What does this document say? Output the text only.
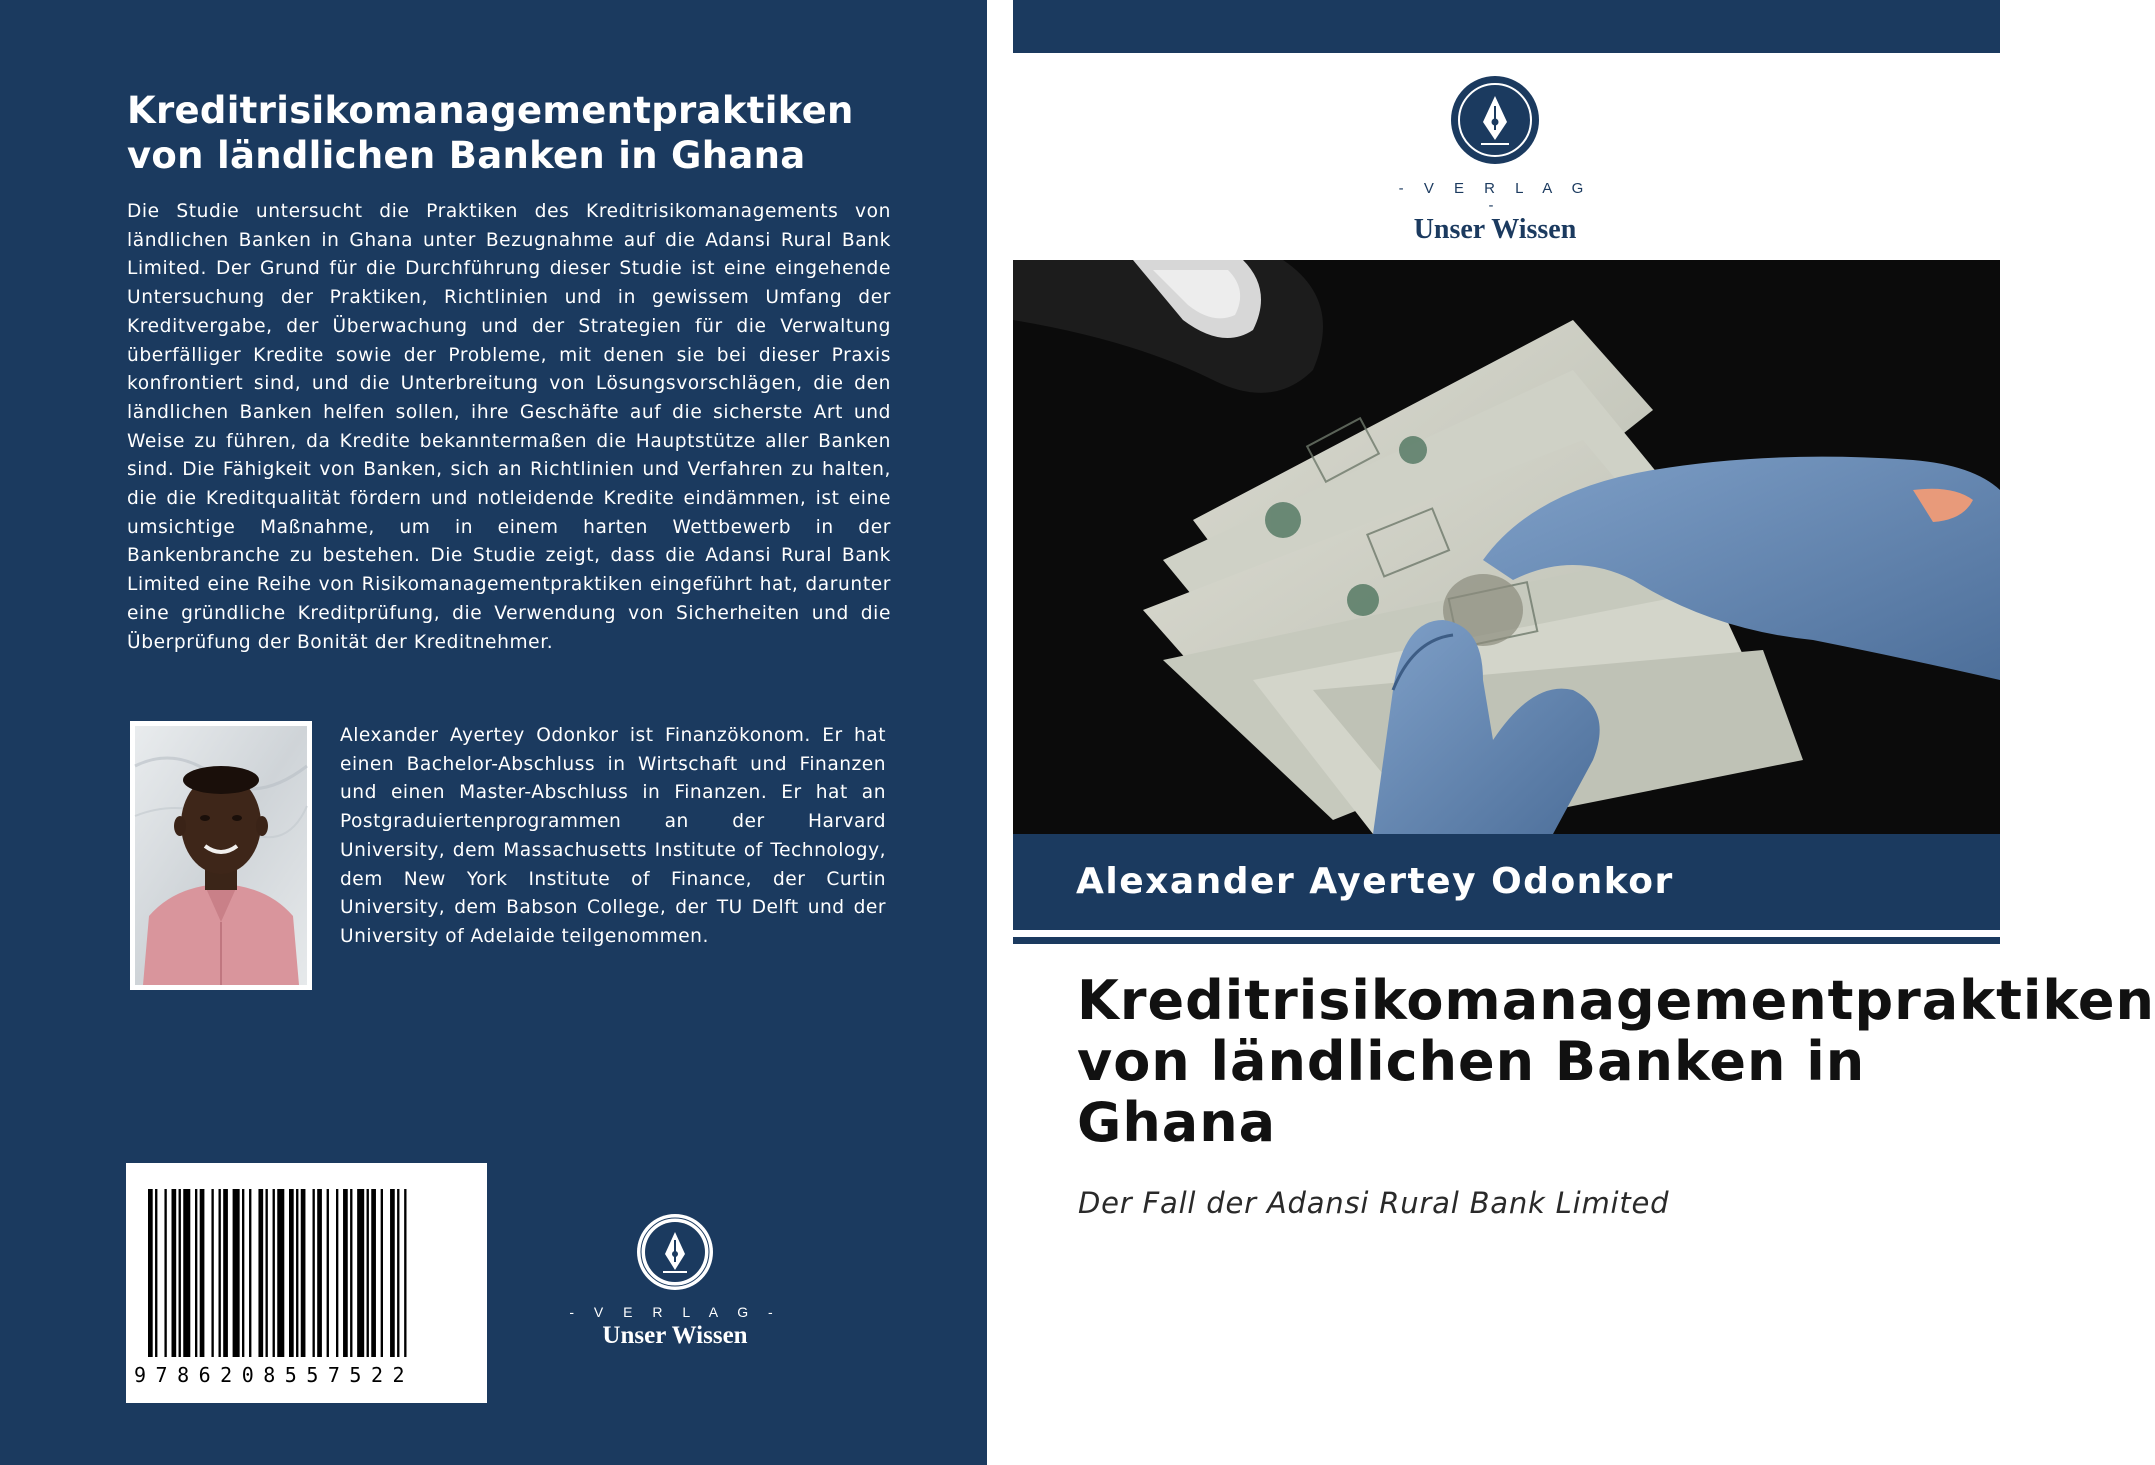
Kreditrisikomanagementpraktiken
von ländlichen Banken in Ghana

Die Studie untersucht die Praktiken des Kreditrisikomanagements von ländlichen Banken in Ghana unter Bezugnahme auf die Adansi Rural Bank Limited. Der Grund für die Durchführung dieser Studie ist eine eingehende Untersuchung der Praktiken, Richtlinien und in gewissem Umfang der Kreditvergabe, der Überwachung und der Strategien für die Verwaltung überfälliger Kredite sowie der Probleme, mit denen sie bei dieser Praxis konfrontiert sind, und die Unterbreitung von Lösungsvorschlägen, die den ländlichen Banken helfen sollen, ihre Geschäfte auf die sicherste Art und Weise zu führen, da Kredite bekanntermaßen die Hauptstütze aller Banken sind. Die Fähigkeit von Banken, sich an Richtlinien und Verfahren zu halten, die die Kreditqualität fördern und notleidende Kredite eindämmen, ist eine umsichtige Maßnahme, um in einem harten Wettbewerb in der Bankenbranche zu bestehen. Die Studie zeigt, dass die Adansi Rural Bank Limited eine Reihe von Risikomanagementpraktiken eingeführt hat, darunter eine gründliche Kreditprüfung, die Verwendung von Sicherheiten und die Überprüfung der Bonität der Kreditnehmer.

Alexander Ayertey Odonkor ist Finanzökonom. Er hat einen Bachelor-Abschluss in Wirtschaft und Finanzen und einen Master-Abschluss in Finanzen. Er hat an Postgraduiertenprogrammen an der Harvard University, dem Massachusetts Institute of Technology, dem New York Institute of Finance, der Curtin University, dem Babson College, der TU Delft und der University of Adelaide teilgenommen.

9786208557522
- V E R L A G -
Unser Wissen
- V E R L A G -
Unser Wissen
Alexander Ayertey Odonkor
Kreditrisikomanagementpraktiken
von ländlichen Banken in
Ghana
Der Fall der Adansi Rural Bank Limited
